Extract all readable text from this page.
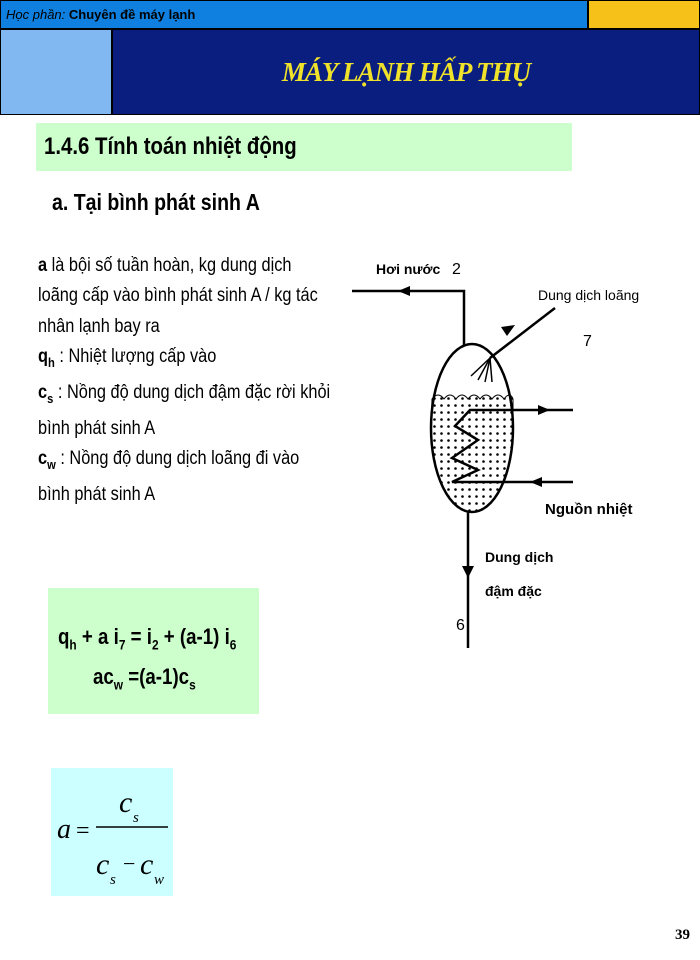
Học phần: Chuyên đề máy lạnh
MÁY LẠNH HẤP THỤ
1.4.6 Tính toán nhiệt động
a. Tại bình phát sinh A
a là bội số tuần hoàn, kg dung dịch
loãng cấp vào bình phát sinh A / kg tác
nhân lạnh bay ra
$q_h$ : Nhiệt lượng cấp vào
$c_s$ : Nồng độ dung dịch đậm đặc rời khỏi
bình phát sinh A
$c_w$ : Nồng độ dung dịch loãng đi vào
bình phát sinh A
$q_h + a$ $i_7 = i_2 + (a-1)$ $i_6$
$ac_w =(a-1)c_s$
a =
c s
c s
− c w
Hơi nước 2
Dung dịch loãng
7
Nguồn nhiệt
Dung dịch
đậm đặc
6
39
